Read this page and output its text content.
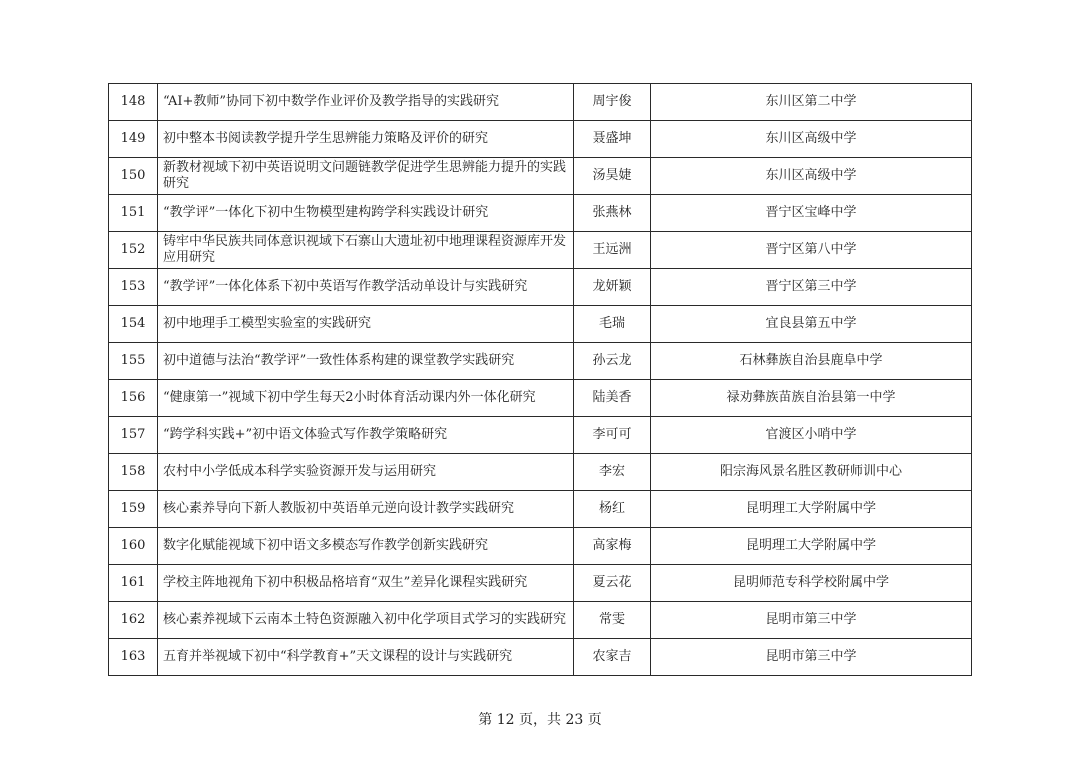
148	“AI+教师”协同下初中数学作业评价及教学指导的实践研究	周宇俊	东川区第二中学
149	初中整本书阅读教学提升学生思辨能力策略及评价的研究	聂盛坤	东川区高级中学
150	新教材视域下初中英语说明文问题链教学促进学生思辨能力提升的实践研究	汤昊婕	东川区高级中学
151	“教学评”一体化下初中生物模型建构跨学科实践设计研究	张燕林	晋宁区宝峰中学
152	铸牢中华民族共同体意识视域下石寨山大遗址初中地理课程资源库开发应用研究	王远洲	晋宁区第八中学
153	“教学评”一体化体系下初中英语写作教学活动单设计与实践研究	龙妍颖	晋宁区第三中学
154	初中地理手工模型实验室的实践研究	毛瑞	宜良县第五中学
155	初中道德与法治“教学评”一致性体系构建的课堂教学实践研究	孙云龙	石林彝族自治县鹿阜中学
156	“健康第一”视域下初中学生每天2小时体育活动课内外一体化研究	陆美香	禄劝彝族苗族自治县第一中学
157	“跨学科实践+”初中语文体验式写作教学策略研究	李可可	官渡区小哨中学
158	农村中小学低成本科学实验资源开发与运用研究	李宏	阳宗海风景名胜区教研师训中心
159	核心素养导向下新人教版初中英语单元逆向设计教学实践研究	杨红	昆明理工大学附属中学
160	数字化赋能视域下初中语文多模态写作教学创新实践研究	高家梅	昆明理工大学附属中学
161	学校主阵地视角下初中积极品格培育“双生”差异化课程实践研究	夏云花	昆明师范专科学校附属中学
162	核心素养视域下云南本土特色资源融入初中化学项目式学习的实践研究	常雯	昆明市第三中学
163	五育并举视域下初中“科学教育+”天文课程的设计与实践研究	农家吉	昆明市第三中学
第 12 页，共 23 页
